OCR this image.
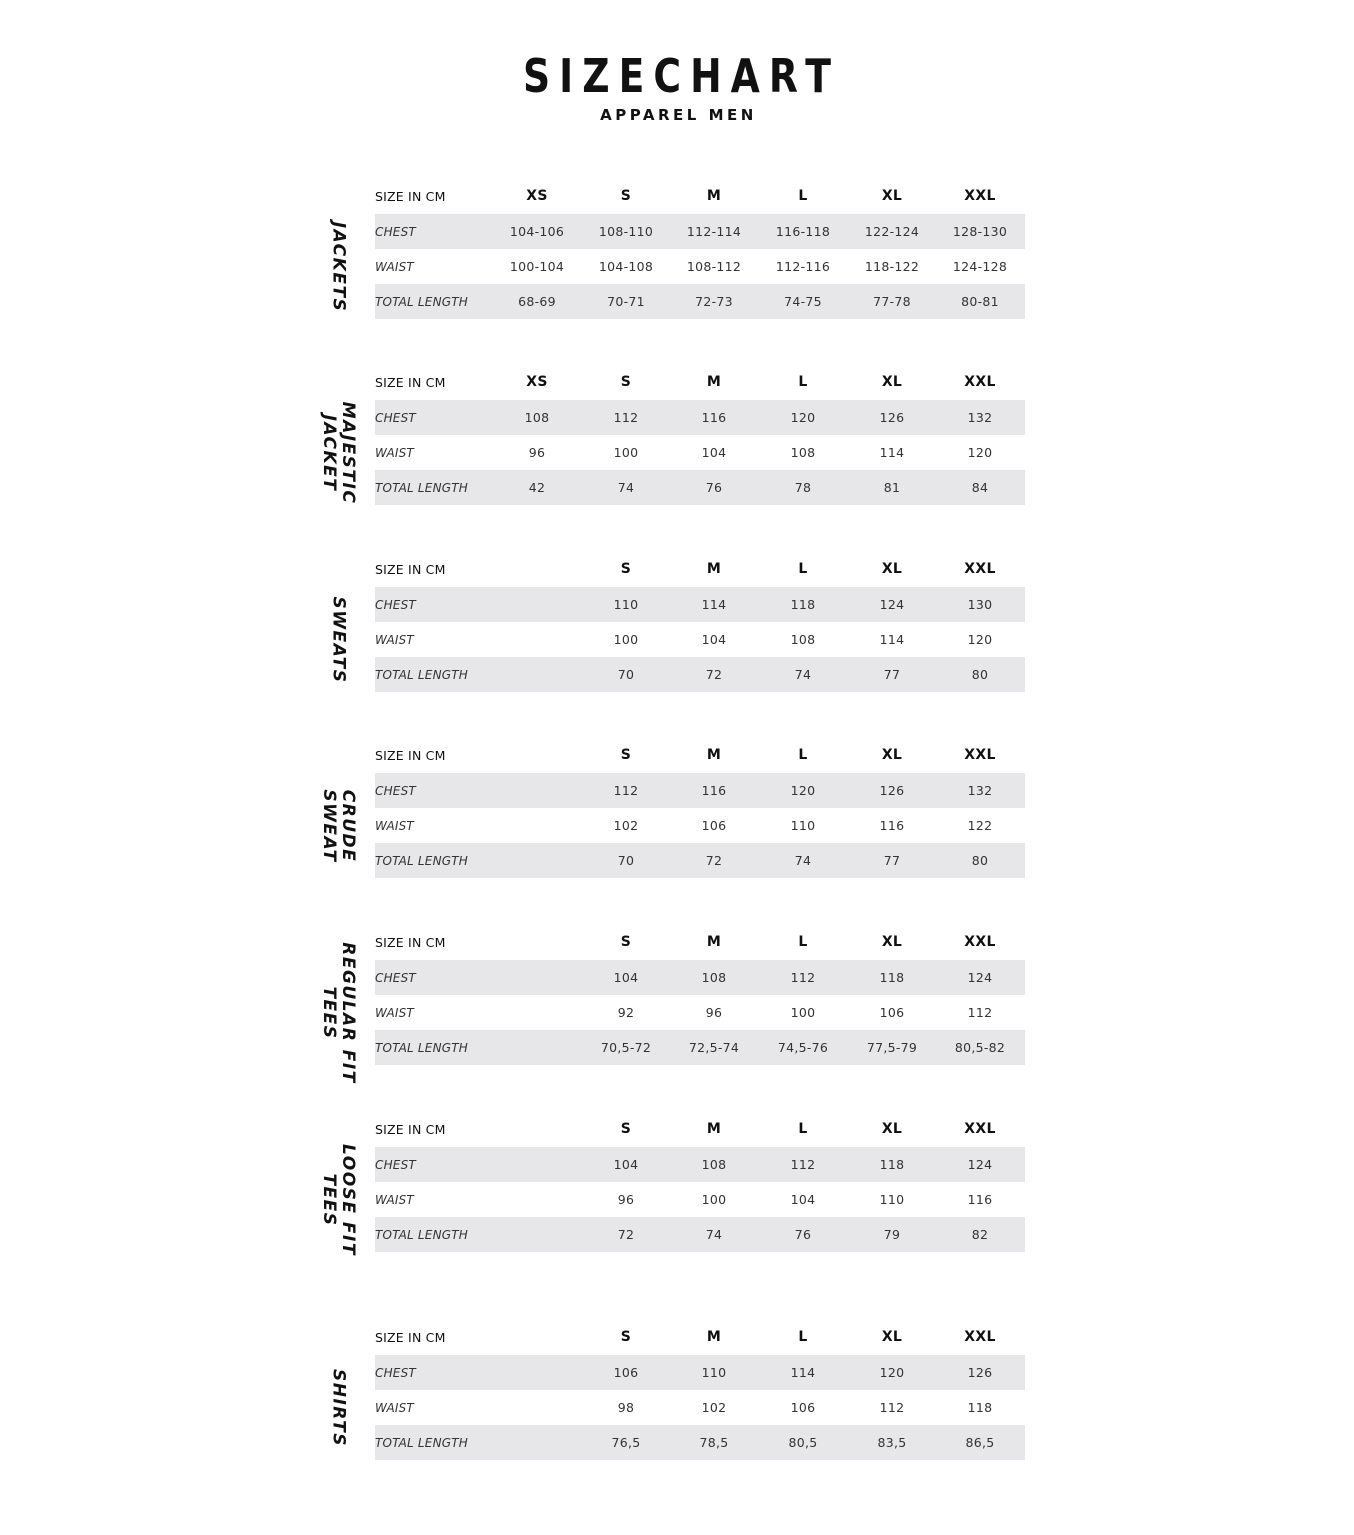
SIZECHART
APPAREL MEN
JACKETS
SIZE IN CM	XS	S	M	L	XL	XXL
CHEST	104-106	108-110	112-114	116-118	122-124	128-130
WAIST	100-104	104-108	108-112	112-116	118-122	124-128
TOTAL LENGTH	68-69	70-71	72-73	74-75	77-78	80-81
MAJESTIC
JACKET
SIZE IN CM	XS	S	M	L	XL	XXL
CHEST	108	112	116	120	126	132
WAIST	96	100	104	108	114	120
TOTAL LENGTH	42	74	76	78	81	84
SWEATS
SIZE IN CM	S	M	L	XL	XXL
CHEST	110	114	118	124	130
WAIST	100	104	108	114	120
TOTAL LENGTH	70	72	74	77	80
CRUDE
SWEAT
SIZE IN CM	S	M	L	XL	XXL
CHEST	112	116	120	126	132
WAIST	102	106	110	116	122
TOTAL LENGTH	70	72	74	77	80
REGULAR FIT
TEES
SIZE IN CM	S	M	L	XL	XXL
CHEST	104	108	112	118	124
WAIST	92	96	100	106	112
TOTAL LENGTH	70,5-72	72,5-74	74,5-76	77,5-79	80,5-82
LOOSE FIT
TEES
SIZE IN CM	S	M	L	XL	XXL
CHEST	104	108	112	118	124
WAIST	96	100	104	110	116
TOTAL LENGTH	72	74	76	79	82
SHIRTS
SIZE IN CM	S	M	L	XL	XXL
CHEST	106	110	114	120	126
WAIST	98	102	106	112	118
TOTAL LENGTH	76,5	78,5	80,5	83,5	86,5
